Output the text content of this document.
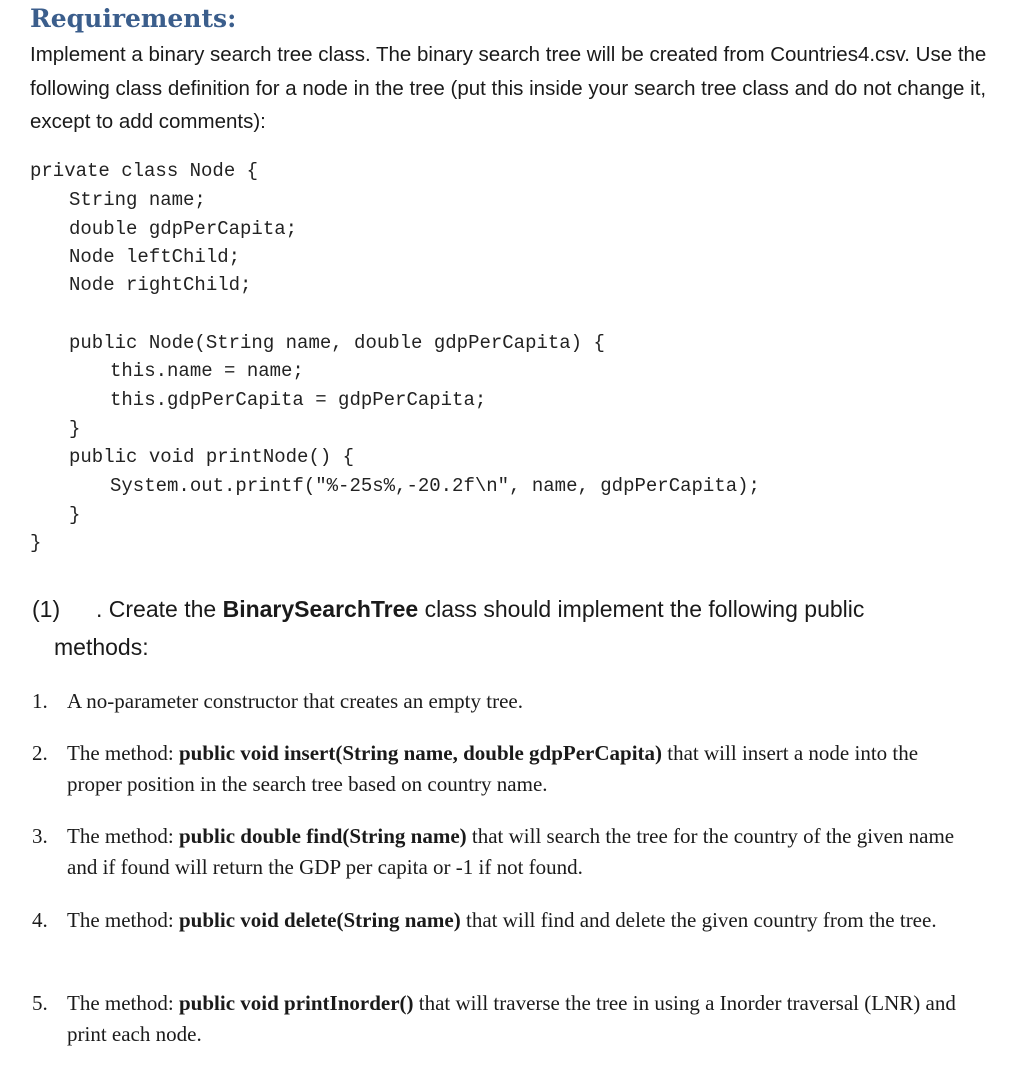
Requirements:

Implement a binary search tree class. The binary search tree will be created from Countries4.csv. Use the following class definition for a node in the tree (put this inside your search tree class and do not change it, except to add comments):

private class Node {
String name;
double gdpPerCapita;
Node leftChild;
Node rightChild;
public Node(String name, double gdpPerCapita) {
this.name = name;
this.gdpPerCapita = gdpPerCapita;
}
public void printNode() {
System.out.printf("%-25s%,-20.2f\n", name, gdpPerCapita);
}
}
(1) . Create the BinarySearchTree class should implement the following public
methods:
1. A no-parameter constructor that creates an empty tree.
2. The method: public void insert(String name, double gdpPerCapita) that will insert a node into the proper position in the search tree based on country name.
3. The method: public double find(String name) that will search the tree for the country of the given name and if found will return the GDP per capita or -1 if not found.
4. The method: public void delete(String name) that will find and delete the given country from the tree.
5. The method: public void printInorder() that will traverse the tree in using a Inorder traversal (LNR) and print each node.
